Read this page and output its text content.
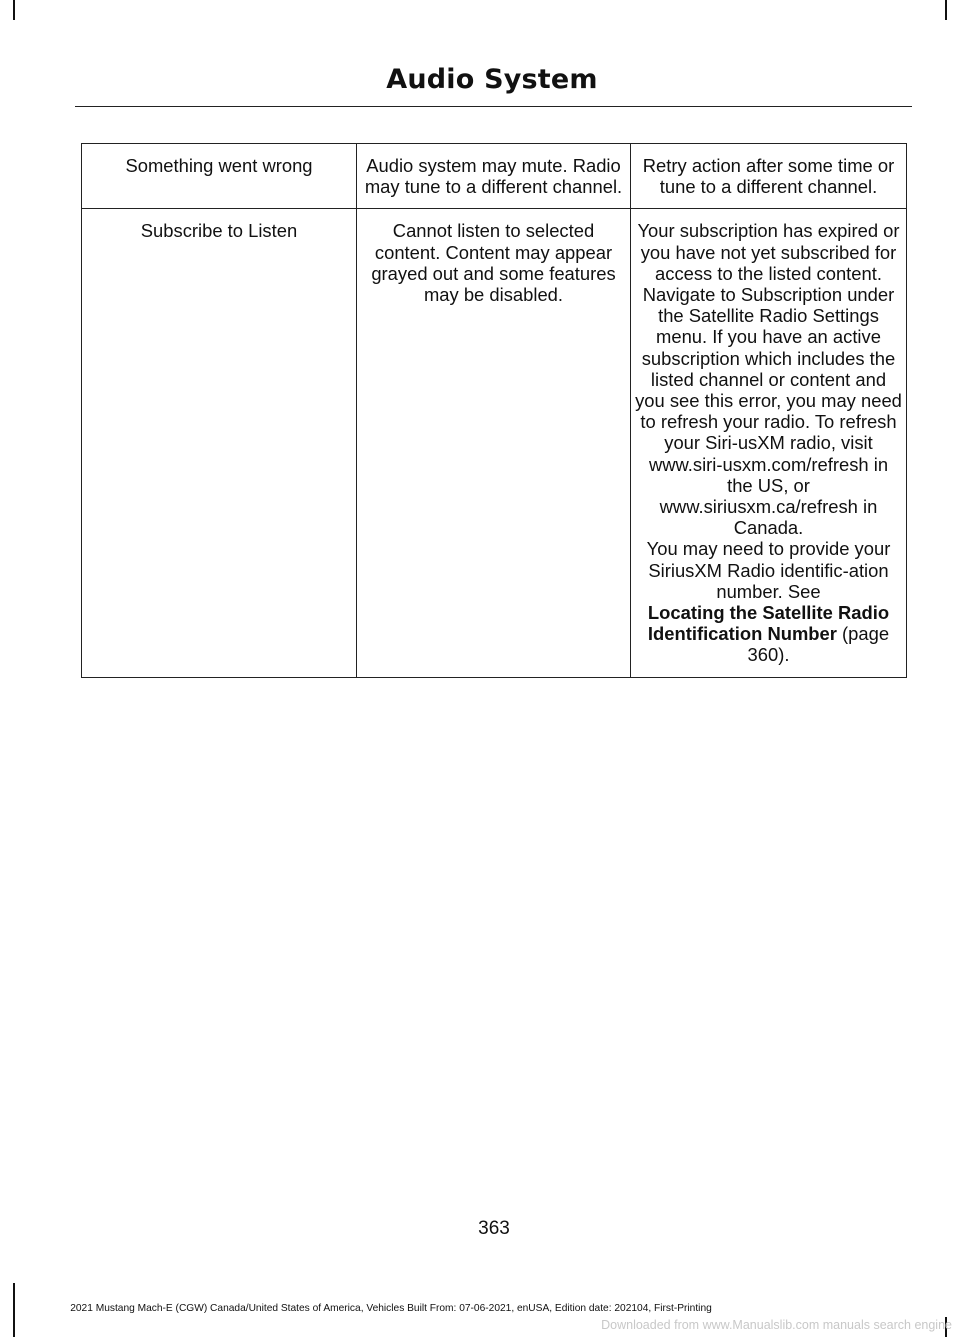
Audio System
Something went wrong	Audio system may mute. Radio may tune to a different channel.	Retry action after some time or tune to a different channel.

Subscribe to Listen	Cannot listen to selected content. Content may appear grayed out and some features may be disabled.	Your subscription has expired or you have not yet subscribed for access to the listed content. Navigate to Subscription under the Satellite Radio Settings menu. If you have an active subscription which includes the listed channel or content and you see this error, you may need to refresh your radio. To refresh your Siri-usXM radio, visit www.siri-usxm.com/refresh in the US, or www.siriusxm.ca/refresh in Canada.
You may need to provide your SiriusXM Radio identific-ation number. See
Locating the Satellite Radio Identification Number (page 360).
363
2021 Mustang Mach-E (CGW) Canada/United States of America, Vehicles Built From: 07-06-2021, enUSA, Edition date: 202104, First-Printing
Downloaded from www.Manualslib.com manuals search engine
